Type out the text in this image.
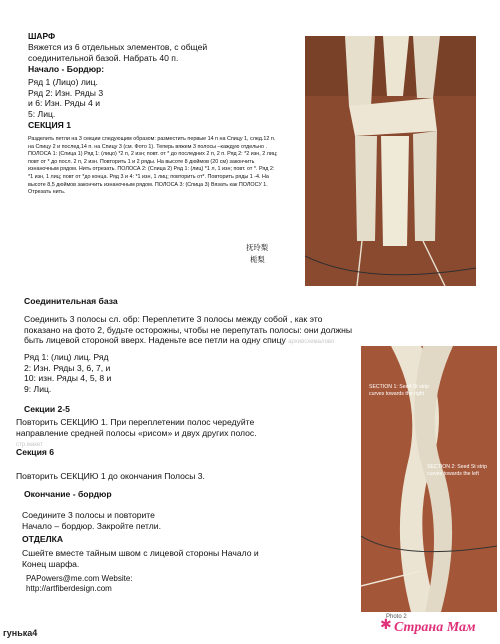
ШАРФ
Вяжется из 6 отдельных элементов, с общей соединительной базой. Набрать 40 п.
Начало - Бордюр:
Ряд 1 (Лицо) лиц.
Ряд 2: Изн. Ряды 3
и 6: Изн. Ряды 4 и
5: Лиц.
СЕКЦИЯ 1
Разделить петли на 3 секции следующим образом: разместить первые 14 п на Спицу 1, след.12 п. на Спицу 2 и послед.14 п. на Спицу 3 (см. Фото 1). Теперь вяжем 3 полосы –каждую отдельно . ПОЛОСА 1: (Спица 1) Ряд 1: (лицо) *2 п, 2 изн; повт. от * до последних 2 п, 2 п. Ряд 2: *2 изн, 2 лиц; повт от * до посл. 2 п, 2 изн. Повторить 1 и 2 ряды. На высоте 8 дюймов (20 см) закончить изнаночным рядом. Нить отрезать. ПОЛОСА 2: (Спица 2) Ряд 1: (лиц) *1 л, 1 изн; повт. от *. Ряд 2: *1 изн, 1 лиц; повт от *до конца. Ряд 3 и 4: *1 изн, 1 лиц; повторить от*. Повторить ряды 1 -4. На высоте 8,5 дюймов закончить изнаночным рядом. ПОЛОСА 3: (Спица 3) Вязать как ПОЛОСУ 1. Отрезать нить.
抚玲梨
栀梨
Соединительная база
Соединить 3 полосы сл. обр: Переплетите 3 полосы между собой , как это показано на фото 2, будьте осторожны, чтобы не перепутать полосы: они должны быть лицевой стороной вверх. Наденьте все петли на одну спицу архивсхемалово
Ряд 1: (лиц) лиц. Ряд
2: Изн. Ряды 3, 6, 7, и
10: изн. Ряды 4, 5, 8 и
9: Лиц.
Секции 2-5
Повторить СЕКЦИЮ 1. При переплетении полос чередуйте направление средней полосы «рисом» и двух других полос. стр.макет
Секция 6
Повторить СЕКЦИЮ 1 до окончания Полосы 3.
Окончание - бордюр
Соедините 3 полосы и повторите Начало – бордюр. Закройте петли.
ОТДЕЛКА
Сшейте вместе тайным швом с лицевой стороны Начало и Конец шарфа.
PAPowers@me.com Website:
http://artfiberdesign.com
SECTION 1: Seed St strip curves towards the right
SECTION 2: Seed St strip curves towards the left
Photo 2
гунька4	✱ Страна Мам
